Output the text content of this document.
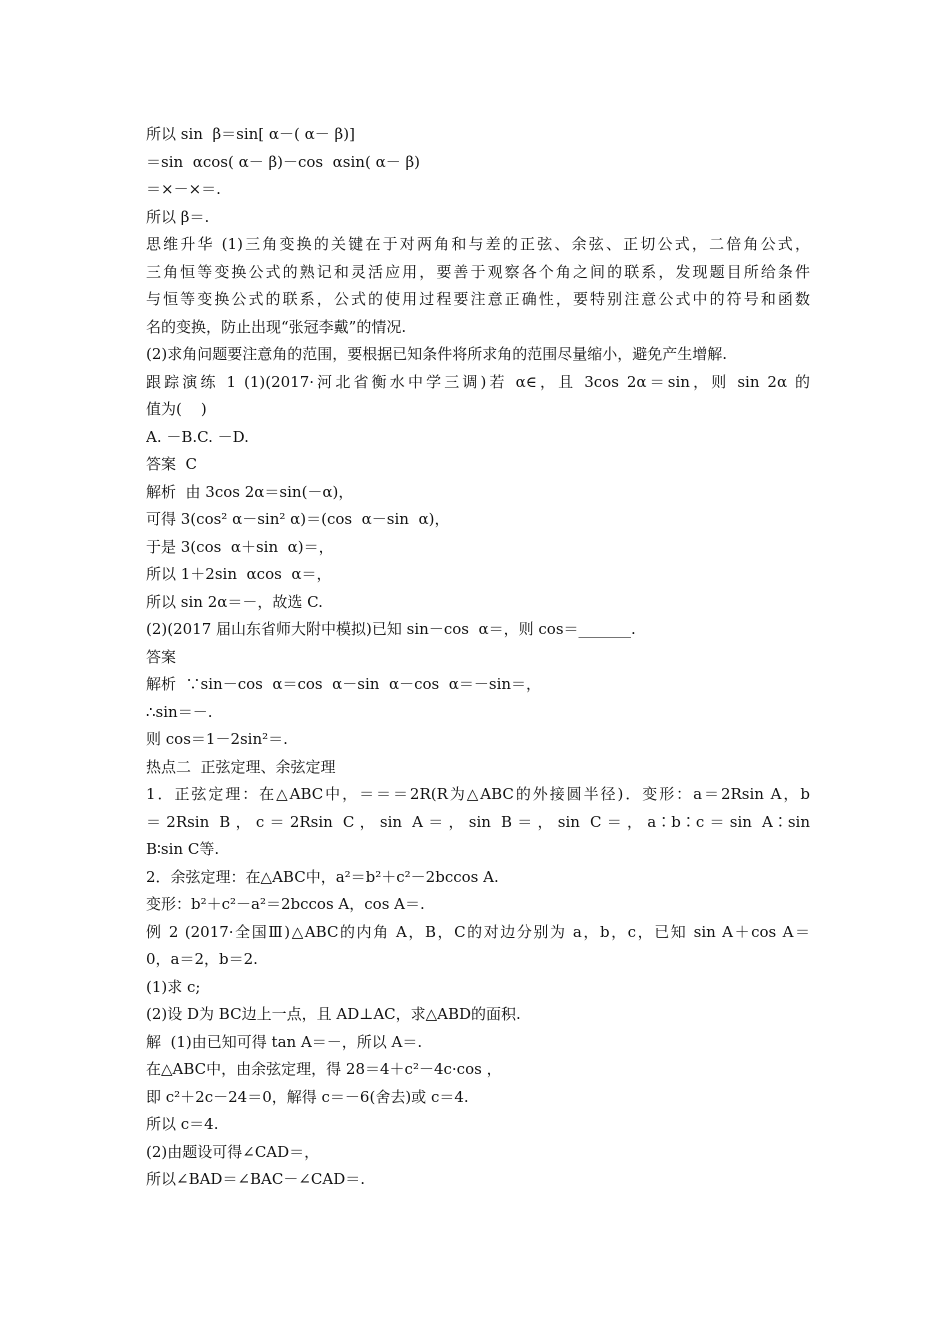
所以 sin  β＝sin[ α－( α－ β)]
＝sin  αcos( α－ β)－cos  αsin( α－ β)
＝×－×＝.
所以 β＝.
思维升华 (1)三角变换的关键在于对两角和与差的正弦、余弦、正切公式，二倍角公式，
三角恒等变换公式的熟记和灵活应用，要善于观察各个角之间的联系，发现题目所给条件
与恒等变换公式的联系，公式的使用过程要注意正确性，要特别注意公式中的符号和函数
名的变换，防止出现“张冠李戴”的情况.
(2)求角问题要注意角的范围，要根据已知条件将所求角的范围尽量缩小，避免产生增解.
跟踪演练 1 (1)(2017·河北省衡水中学三调)若 α∈，且 3cos 2α＝sin，则 sin 2α 的
值为(    )
A. －B.C. －D.
答案  C
解析  由 3cos 2α＝sin(－α)，
可得 3(cos² α－sin² α)＝(cos  α－sin  α)，
于是 3(cos  α＋sin  α)＝，
所以 1＋2sin  αcos  α＝，
所以 sin 2α＝－，故选 C.
(2)(2017 届山东省师大附中模拟)已知 sin－cos  α＝，则 cos＝_______.
答案
解析  ∵sin－cos  α＝cos  α－sin  α－cos  α＝－sin＝，
∴sin＝－.
则 cos＝1－2sin²＝.
热点二  正弦定理、余弦定理
1．正弦定理：在△ABC中，＝＝＝2R(R为△ABC的外接圆半径)．变形：a＝2Rsin A，b
＝2Rsin B，c＝2Rsin C，sin A＝，sin B＝，sin C＝，a∶b∶c＝sin A∶sin
B∶sin C等.
2．余弦定理：在△ABC中，a²＝b²＋c²－2bccos A.
变形：b²＋c²－a²＝2bccos A，cos A＝.
例 2 (2017·全国Ⅲ)△ABC的内角 A，B，C的对边分别为 a，b，c，已知 sin A＋cos A＝
0，a＝2，b＝2.
(1)求 c;
(2)设 D为 BC边上一点，且 AD⊥AC，求△ABD的面积.
解  (1)由已知可得 tan A＝－，所以 A＝.
在△ABC中，由余弦定理，得 28＝4＋c²－4c·cos ，
即 c²＋2c－24＝0，解得 c＝－6(舍去)或 c＝4.
所以 c＝4.
(2)由题设可得∠CAD＝，
所以∠BAD＝∠BAC－∠CAD＝.
